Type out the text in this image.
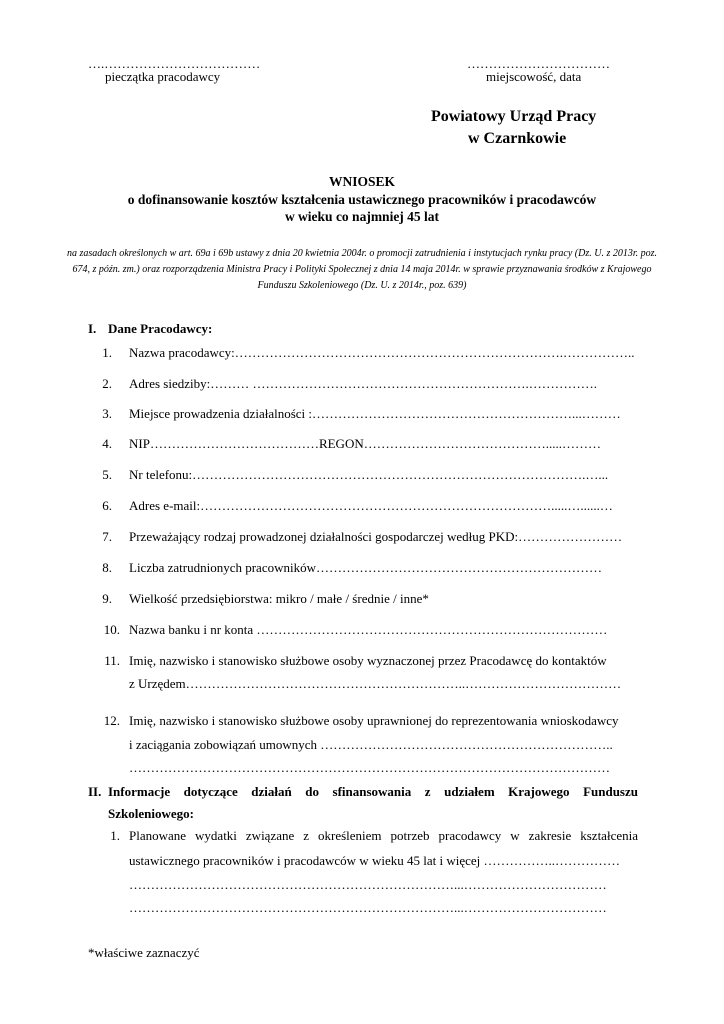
….………………………………
pieczątka pracodawcy
……………………………
miejscowość, data
Powiatowy Urząd Pracy
w Czarnkowie
WNIOSEK
o dofinansowanie kosztów kształcenia ustawicznego pracowników i pracodawców
w wieku co najmniej 45 lat
na zasadach określonych w art. 69a i 69b ustawy z dnia 20 kwietnia 2004r. o promocji zatrudnienia i instytucjach rynku pracy (Dz. U. z 2013r. poz. 674, z późn. zm.) oraz rozporządzenia Ministra Pracy i Polityki Społecznej z dnia 14 maja 2014r. w sprawie przyznawania środków z Krajowego Funduszu Szkoleniowego (Dz. U. z 2014r., poz. 639)
I. Dane Pracodawcy:
1. Nazwa pracodawcy:………………………………………………………………….……………..
2. Adres siedziby:……… ……………………………………………………….…………….
3. Miejsce prowadzenia działalności :……………………………………………………...………
4. NIP…………………………………REGON…………………………………….....………
5. Nr telefonu:……………………………………………………………………………….…...
6. Adres e-mail:……………………………………………………………………….....…......…
7. Przeważający rodzaj prowadzonej działalności gospodarczej według PKD:……………………
8. Liczba zatrudnionych pracowników…………………………………………………………
9. Wielkość przedsiębiorstwa: mikro / małe / średnie / inne*
10. Nazwa banku i nr konta ………………………………………………………………………
11. Imię, nazwisko i stanowisko służbowe osoby wyznaczonej przez Pracodawcę do kontaktów
z Urzędem………………………………………………………..………………………………
12. Imię, nazwisko i stanowisko służbowe osoby uprawnionej do reprezentowania wnioskodawcy
i zaciągania zobowiązań umownych …………………………………………………………..
…………………………………………………………………………………………………
II. Informacje dotyczące działań do sfinansowania z udziałem Krajowego Funduszu
Szkoleniowego:
1. Planowane wydatki związane z określeniem potrzeb pracodawcy w zakresie kształcenia
ustawicznego pracowników i pracodawców w wieku 45 lat i więcej ……………..……………
…………………………………………………………………...……………………………
…………………………………………………………………...……………………………
*właściwe zaznaczyć
